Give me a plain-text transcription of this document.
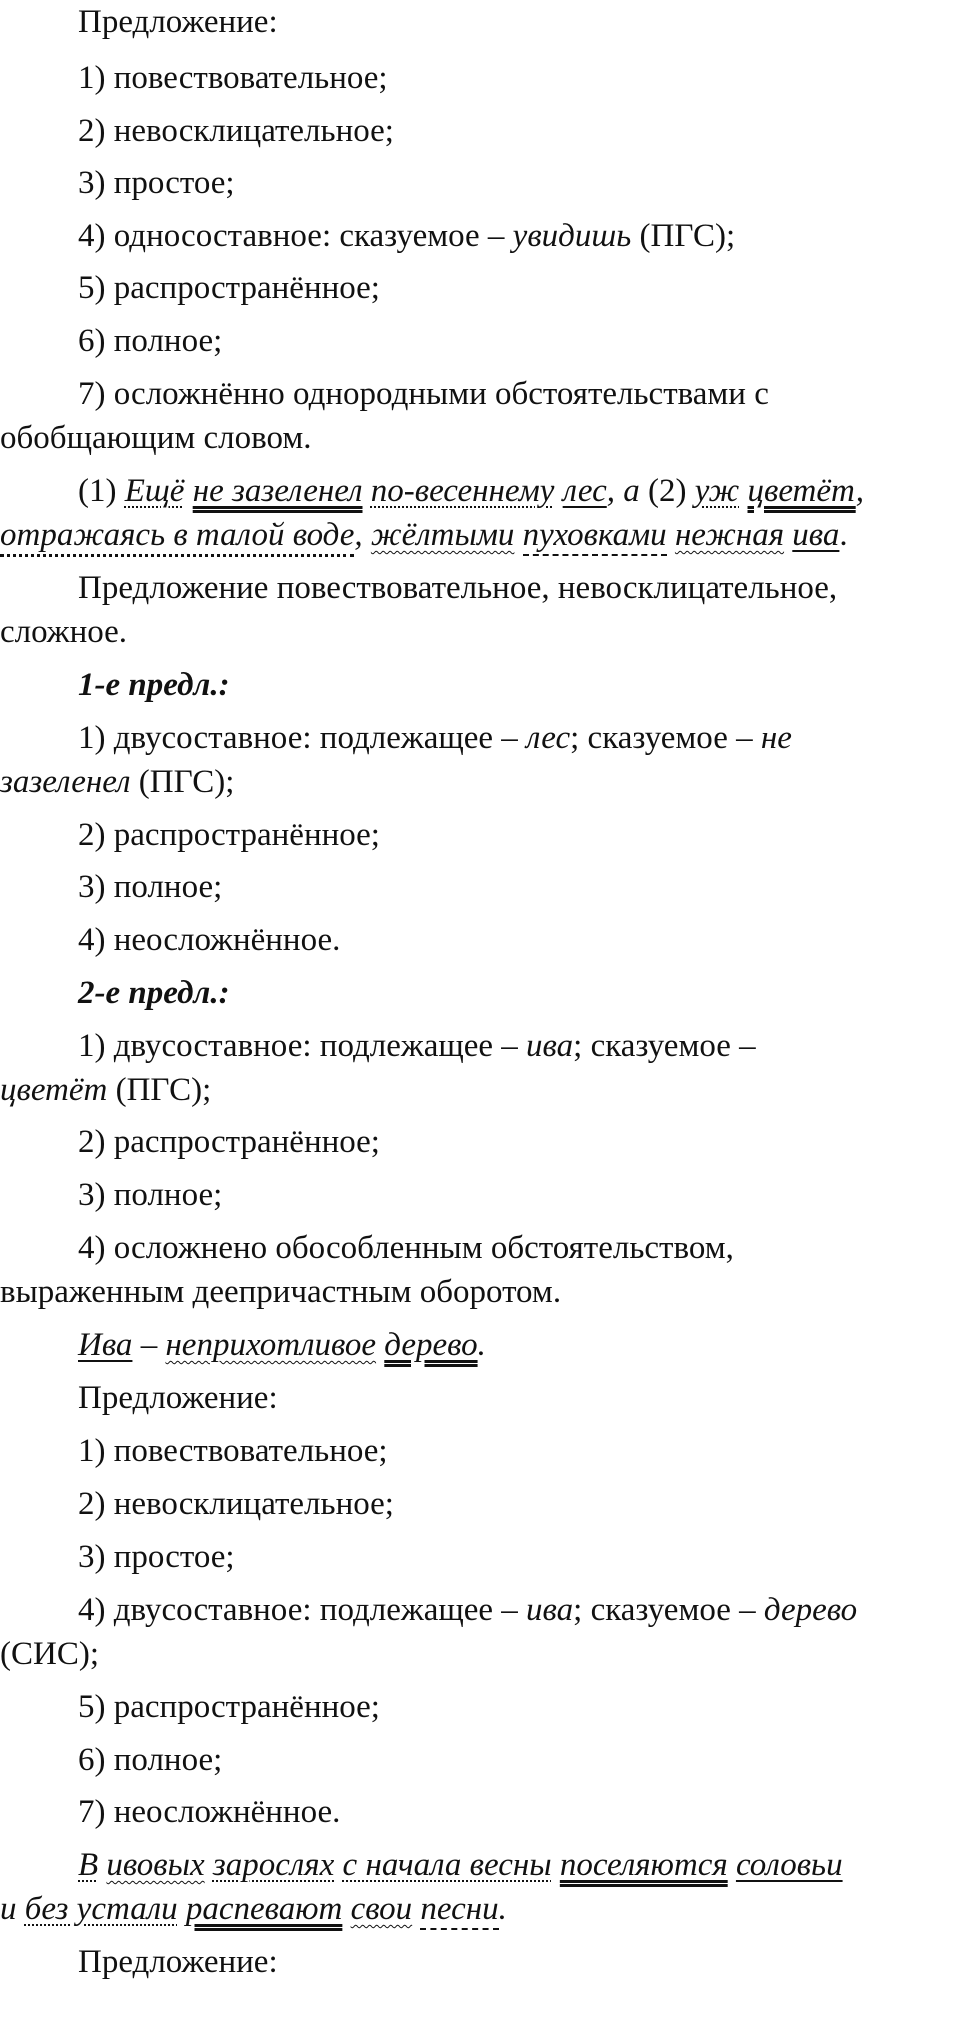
Предложение:
1) повествовательное;
2) невосклицательное;
3) простое;
4) односоставное: сказуемое – увидишь (ПГС);
5) распространённое;
6) полное;
7) осложнённо однородными обстоятельствами с
обобщающим словом.
(1) Ещё не зазеленел по-весеннему лес, а (2) уж цветёт,
отражаясь в талой воде, жёлтыми пуховками нежная ива.
Предложение повествовательное, невосклицательное,
сложное.
1-е предл.:
1) двусоставное: подлежащее – лес; сказуемое – не
зазеленел (ПГС);
2) распространённое;
3) полное;
4) неосложнённое.
2-е предл.:
1) двусоставное: подлежащее – ива; сказуемое –
цветёт (ПГС);
2) распространённое;
3) полное;
4) осложнено обособленным обстоятельством,
выраженным деепричастным оборотом.
Ива – неприхотливое дерево.
Предложение:
1) повествовательное;
2) невосклицательное;
3) простое;
4) двусоставное: подлежащее – ива; сказуемое – дерево
(СИС);
5) распространённое;
6) полное;
7) неосложнённое.
В ивовых зарослях с начала весны поселяются соловьи
и без устали распевают свои песни.
Предложение:
